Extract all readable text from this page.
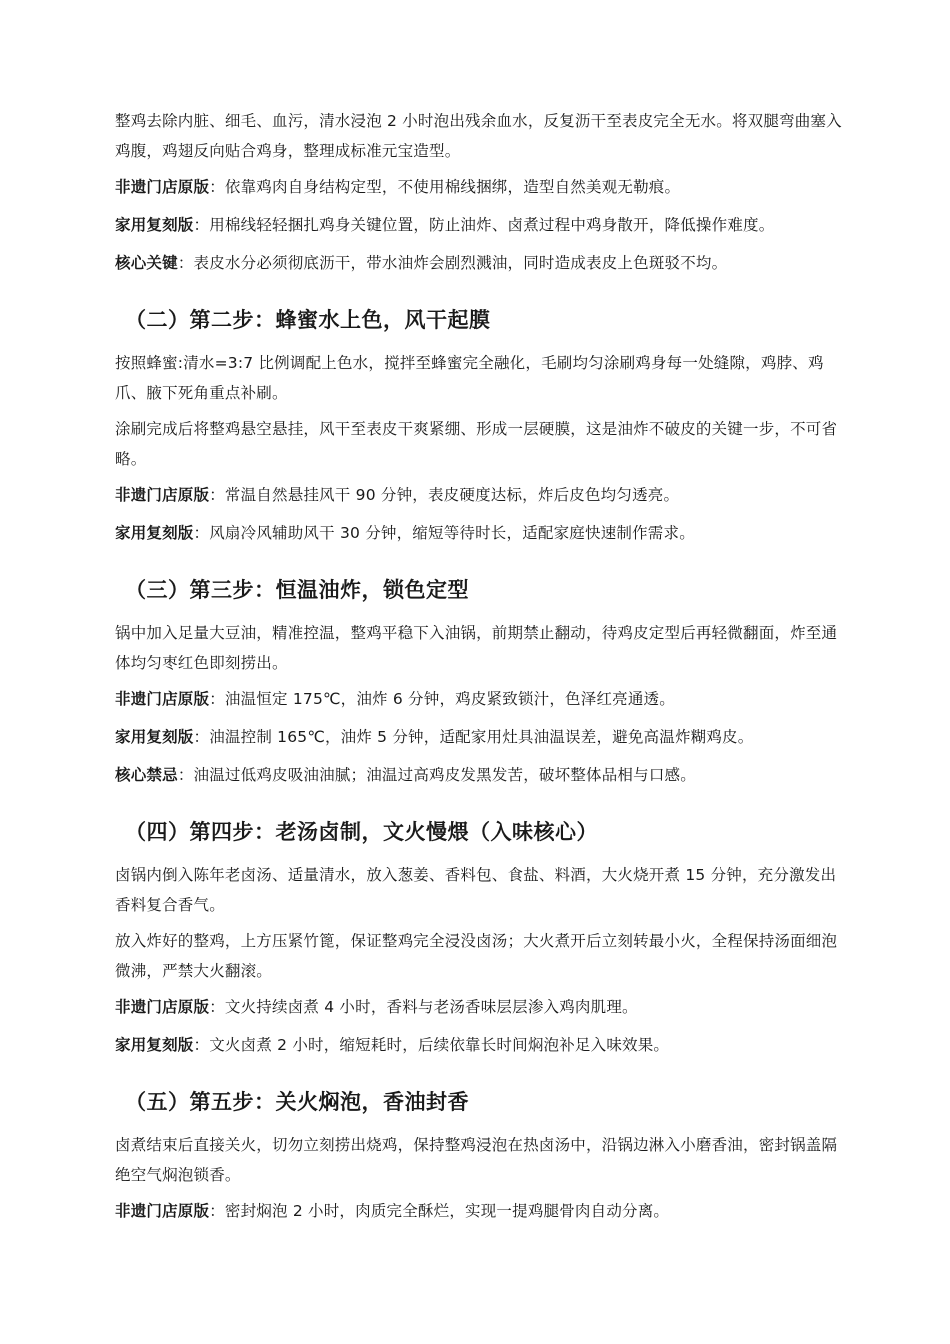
整鸡去除内脏、细毛、血污，清水浸泡 2 小时泡出残余血水，反复沥干至表皮完全无水。将双腿弯曲塞入鸡腹，鸡翅反向贴合鸡身，整理成标准元宝造型。

非遗门店原版：依靠鸡肉自身结构定型，不使用棉线捆绑，造型自然美观无勒痕。

家用复刻版：用棉线轻轻捆扎鸡身关键位置，防止油炸、卤煮过程中鸡身散开，降低操作难度。

核心关键：表皮水分必须彻底沥干，带水油炸会剧烈溅油，同时造成表皮上色斑驳不均。

（二）第二步：蜂蜜水上色，风干起膜

按照蜂蜜:清水=3:7 比例调配上色水，搅拌至蜂蜜完全融化，毛刷均匀涂刷鸡身每一处缝隙，鸡脖、鸡爪、腋下死角重点补刷。

涂刷完成后将整鸡悬空悬挂，风干至表皮干爽紧绷、形成一层硬膜，这是油炸不破皮的关键一步，不可省略。

非遗门店原版：常温自然悬挂风干 90 分钟，表皮硬度达标，炸后皮色均匀透亮。

家用复刻版：风扇冷风辅助风干 30 分钟，缩短等待时长，适配家庭快速制作需求。

（三）第三步：恒温油炸，锁色定型

锅中加入足量大豆油，精准控温，整鸡平稳下入油锅，前期禁止翻动，待鸡皮定型后再轻微翻面，炸至通体均匀枣红色即刻捞出。

非遗门店原版：油温恒定 175℃，油炸 6 分钟，鸡皮紧致锁汁，色泽红亮通透。

家用复刻版：油温控制 165℃，油炸 5 分钟，适配家用灶具油温误差，避免高温炸糊鸡皮。

核心禁忌：油温过低鸡皮吸油油腻；油温过高鸡皮发黑发苦，破坏整体品相与口感。

（四）第四步：老汤卤制，文火慢煨（入味核心）

卤锅内倒入陈年老卤汤、适量清水，放入葱姜、香料包、食盐、料酒，大火烧开煮 15 分钟，充分激发出香料复合香气。

放入炸好的整鸡，上方压紧竹篦，保证整鸡完全浸没卤汤；大火煮开后立刻转最小火，全程保持汤面细泡微沸，严禁大火翻滚。

非遗门店原版：文火持续卤煮 4 小时，香料与老汤香味层层渗入鸡肉肌理。

家用复刻版：文火卤煮 2 小时，缩短耗时，后续依靠长时间焖泡补足入味效果。

（五）第五步：关火焖泡，香油封香

卤煮结束后直接关火，切勿立刻捞出烧鸡，保持整鸡浸泡在热卤汤中，沿锅边淋入小磨香油，密封锅盖隔绝空气焖泡锁香。

非遗门店原版：密封焖泡 2 小时，肉质完全酥烂，实现一提鸡腿骨肉自动分离。
